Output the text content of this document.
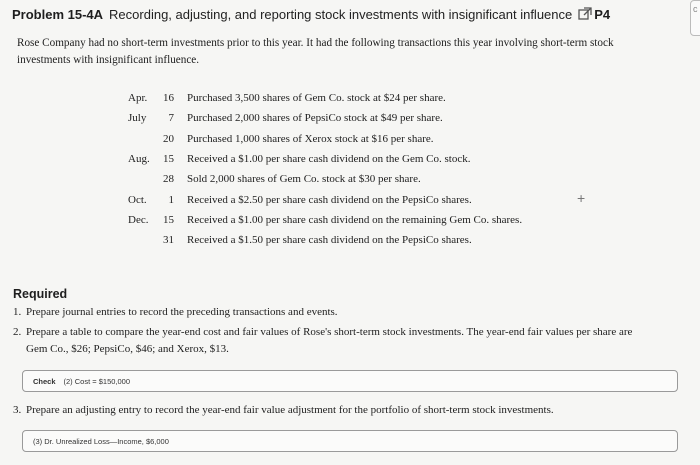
Problem 15-4A Recording, adjusting, and reporting stock investments with insignificant influence P4	c
Rose Company had no short-term investments prior to this year. It had the following transactions this year involving short-term stock investments with insignificant influence.
Apr.	16 Purchased 3,500 shares of Gem Co. stock at $24 per share.
July	7 Purchased 2,000 shares of PepsiCo stock at $49 per share.
20 Purchased 1,000 shares of Xerox stock at $16 per share.
Aug.	15 Received a $1.00 per share cash dividend on the Gem Co. stock.
28 Sold 2,000 shares of Gem Co. stock at $30 per share.
Oct.	1 Received a $2.50 per share cash dividend on the PepsiCo shares.
Dec.	15 Received a $1.00 per share cash dividend on the remaining Gem Co. shares.
31 Received a $1.50 per share cash dividend on the PepsiCo shares.
+
Required
1. Prepare journal entries to record the preceding transactions and events.
2. Prepare a table to compare the year-end cost and fair values of Rose's short-term stock investments. The year-end fair values per share are
Gem Co., $26; PepsiCo, $46; and Xerox, $13.
Check (2) Cost = $150,000
3. Prepare an adjusting entry to record the year-end fair value adjustment for the portfolio of short-term stock investments.
(3) Dr. Unrealized Loss—Income, $6,000
